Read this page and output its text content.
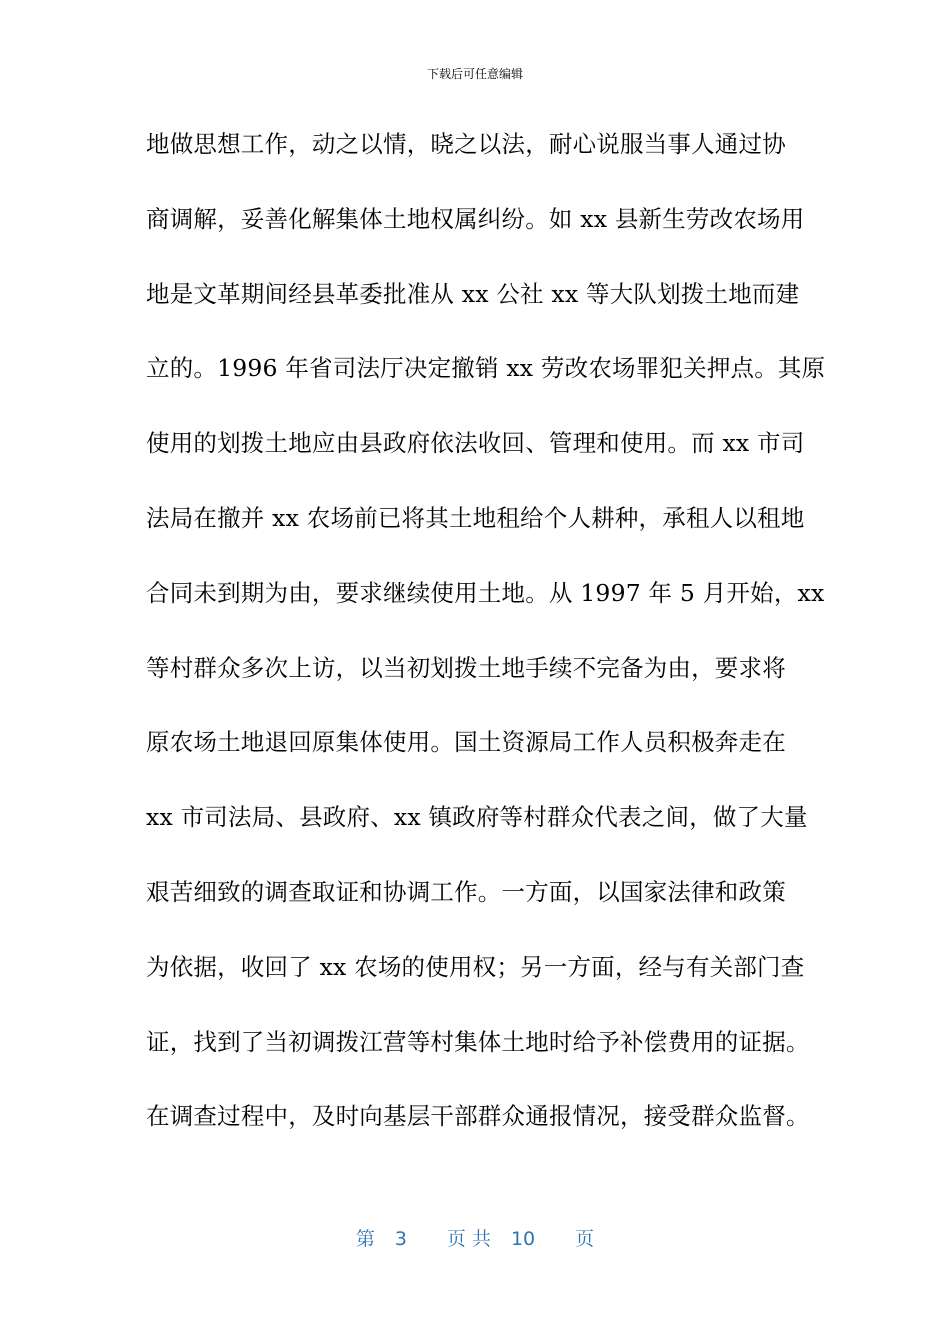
下载后可任意编辑
地做思想工作，动之以情，晓之以法，耐心说服当事人通过协
商调解，妥善化解集体土地权属纠纷。如 xx 县新生劳改农场用
地是文革期间经县革委批准从 xx 公社 xx 等大队划拨土地而建
立的。1996 年省司法厅决定撤销 xx 劳改农场罪犯关押点。其原
使用的划拨土地应由县政府依法收回、管理和使用。而 xx 市司
法局在撤并 xx 农场前已将其土地租给个人耕种，承租人以租地
合同未到期为由，要求继续使用土地。从 1997 年 5 月开始，xx
等村群众多次上访，以当初划拨土地手续不完备为由，要求将
原农场土地退回原集体使用。国土资源局工作人员积极奔走在
xx 市司法局、县政府、xx 镇政府等村群众代表之间，做了大量
艰苦细致的调查取证和协调工作。一方面，以国家法律和政策
为依据，收回了 xx 农场的使用权；另一方面，经与有关部门查
证，找到了当初调拨江营等村集体土地时给予补偿费用的证据。
在调查过程中，及时向基层干部群众通报情况，接受群众监督。
第 3 页 共 10 页
